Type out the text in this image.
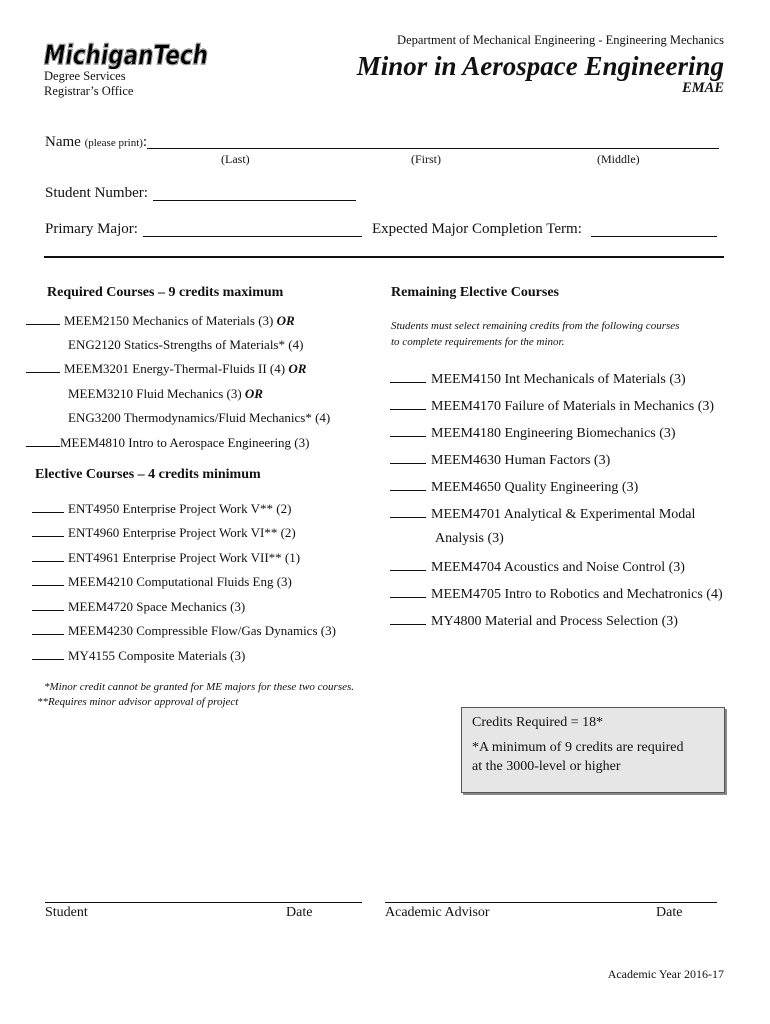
MichiganTech
MichiganTech
Degree Services
Registrar’s Office
Department of Mechanical Engineering - Engineering Mechanics
Minor in Aerospace Engineering
EMAE
Name (please print):
(Last)	(First)	(Middle)
Student Number:
Primary Major:	Expected Major Completion Term:
Required Courses – 9 credits maximum
MEEM2150 Mechanics of Materials (3) OR
ENG2120 Statics-Strengths of Materials* (4)
MEEM3201 Energy-Thermal-Fluids II (4) OR
MEEM3210 Fluid Mechanics (3) OR
ENG3200 Thermodynamics/Fluid Mechanics* (4)
MEEM4810 Intro to Aerospace Engineering (3)
Elective Courses – 4 credits minimum
ENT4950 Enterprise Project Work V** (2)
ENT4960 Enterprise Project Work VI** (2)
ENT4961 Enterprise Project Work VII** (1)
MEEM4210 Computational Fluids Eng (3)
MEEM4720 Space Mechanics (3)
MEEM4230 Compressible Flow/Gas Dynamics (3)
MY4155 Composite Materials (3)
Remaining Elective Courses
Students must select remaining credits from the following courses
to complete requirements for the minor.
MEEM4150 Int Mechanicals of Materials (3)
MEEM4170 Failure of Materials in Mechanics (3)
MEEM4180 Engineering Biomechanics (3)
MEEM4630 Human Factors (3)
MEEM4650 Quality Engineering (3)
MEEM4701 Analytical & Experimental Modal
Analysis (3)
MEEM4704 Acoustics and Noise Control (3)
MEEM4705 Intro to Robotics and Mechatronics (4)
MY4800 Material and Process Selection (3)
*Minor credit cannot be granted for ME majors for these two courses.
**Requires minor advisor approval of project
Credits Required = 18*
*A minimum of 9 credits are required
at the 3000-level or higher
Student	Date	Academic Advisor	Date
Academic Year 2016-17
